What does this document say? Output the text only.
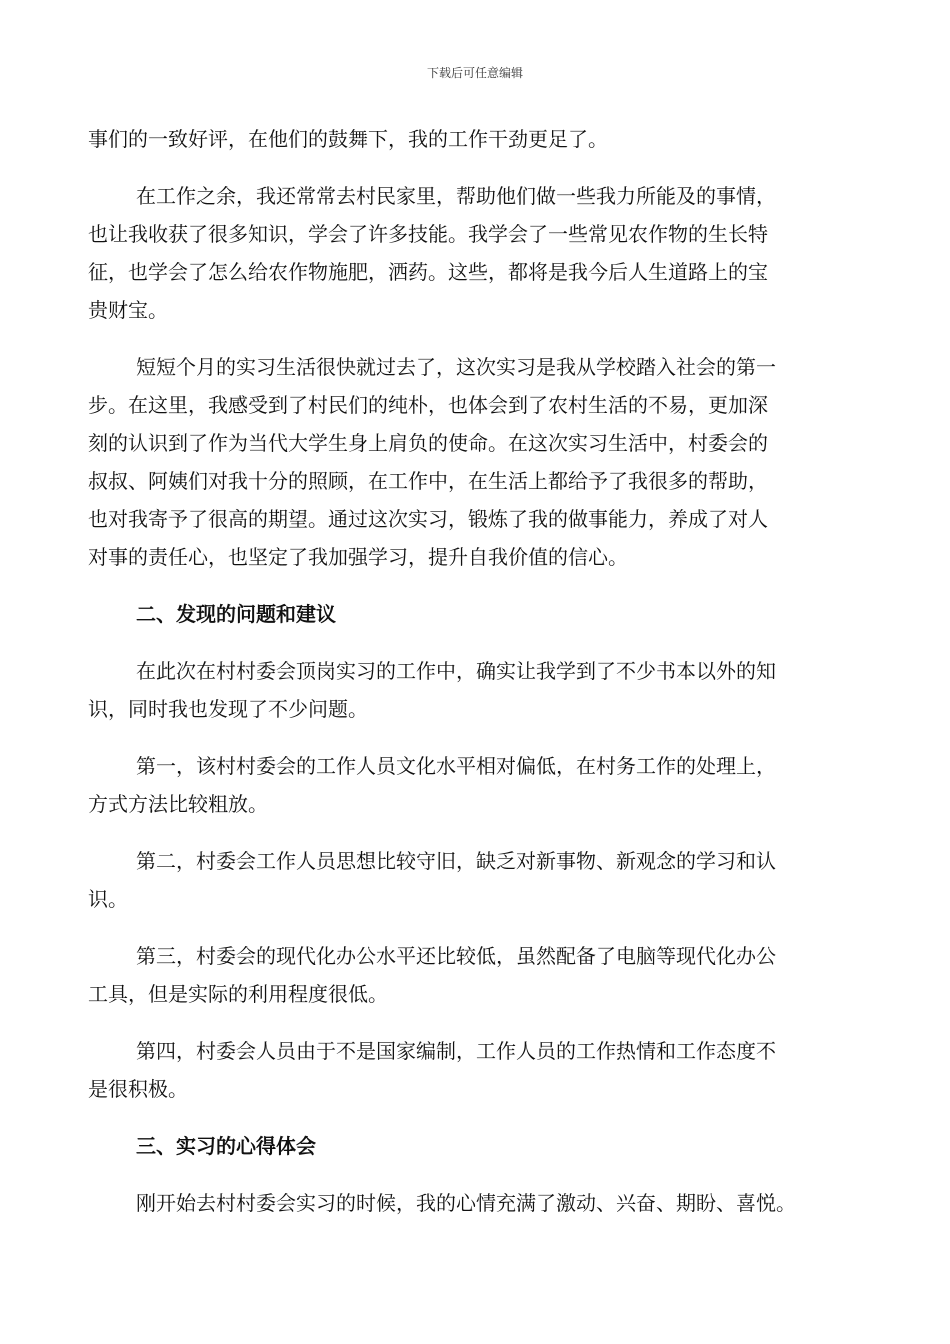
下载后可任意编辑
事们的一致好评，在他们的鼓舞下，我的工作干劲更足了。
在工作之余，我还常常去村民家里，帮助他们做一些我力所能及的事情，
也让我收获了很多知识，学会了许多技能。我学会了一些常见农作物的生长特
征，也学会了怎么给农作物施肥，洒药。这些，都将是我今后人生道路上的宝
贵财宝。
短短个月的实习生活很快就过去了，这次实习是我从学校踏入社会的第一
步。在这里，我感受到了村民们的纯朴，也体会到了农村生活的不易，更加深
刻的认识到了作为当代大学生身上肩负的使命。在这次实习生活中，村委会的
叔叔、阿姨们对我十分的照顾，在工作中，在生活上都给予了我很多的帮助，
也对我寄予了很高的期望。通过这次实习，锻炼了我的做事能力，养成了对人
对事的责任心，也坚定了我加强学习，提升自我价值的信心。
二、发现的问题和建议
在此次在村村委会顶岗实习的工作中，确实让我学到了不少书本以外的知
识，同时我也发现了不少问题。
第一，该村村委会的工作人员文化水平相对偏低，在村务工作的处理上，
方式方法比较粗放。
第二，村委会工作人员思想比较守旧，缺乏对新事物、新观念的学习和认
识。
第三，村委会的现代化办公水平还比较低，虽然配备了电脑等现代化办公
工具，但是实际的利用程度很低。
第四，村委会人员由于不是国家编制，工作人员的工作热情和工作态度不
是很积极。
三、实习的心得体会
刚开始去村村委会实习的时候，我的心情充满了激动、兴奋、期盼、喜悦。
